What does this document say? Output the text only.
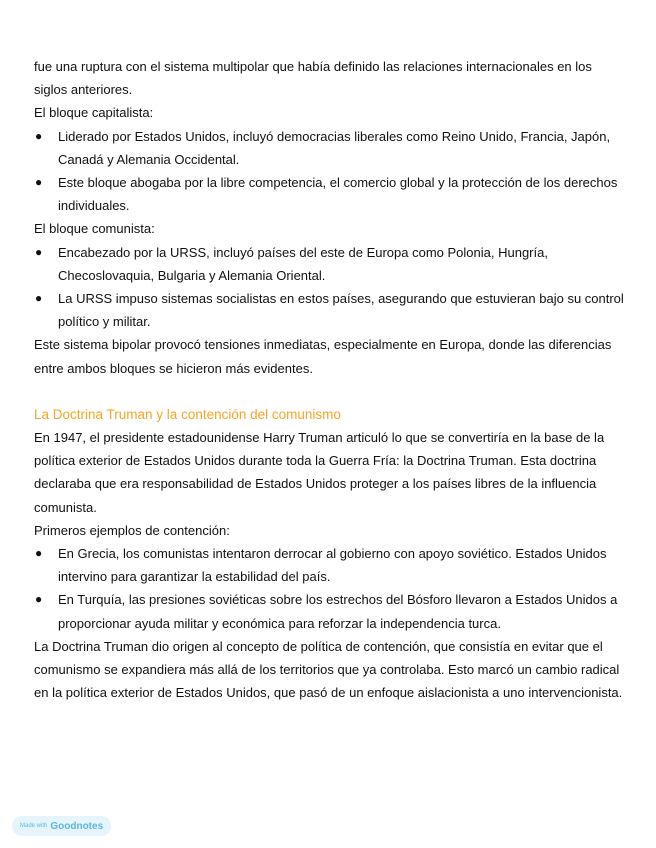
fue una ruptura con el sistema multipolar que había definido las relaciones internacionales en los siglos anteriores.

El bloque capitalista:

● Liderado por Estados Unidos, incluyó democracias liberales como Reino Unido, Francia, Japón, Canadá y Alemania Occidental.
● Este bloque abogaba por la libre competencia, el comercio global y la protección de los derechos individuales.

El bloque comunista:

● Encabezado por la URSS, incluyó países del este de Europa como Polonia, Hungría, Checoslovaquia, Bulgaria y Alemania Oriental.
● La URSS impuso sistemas socialistas en estos países, asegurando que estuvieran bajo su control político y militar.

Este sistema bipolar provocó tensiones inmediatas, especialmente en Europa, donde las diferencias entre ambos bloques se hicieron más evidentes.

La Doctrina Truman y la contención del comunismo

En 1947, el presidente estadounidense Harry Truman articuló lo que se convertiría en la base de la política exterior de Estados Unidos durante toda la Guerra Fría: la Doctrina Truman. Esta doctrina declaraba que era responsabilidad de Estados Unidos proteger a los países libres de la influencia comunista.

Primeros ejemplos de contención:

● En Grecia, los comunistas intentaron derrocar al gobierno con apoyo soviético. Estados Unidos intervino para garantizar la estabilidad del país.
● En Turquía, las presiones soviéticas sobre los estrechos del Bósforo llevaron a Estados Unidos a proporcionar ayuda militar y económica para reforzar la independencia turca.

La Doctrina Truman dio origen al concepto de política de contención, que consistía en evitar que el comunismo se expandiera más allá de los territorios que ya controlaba. Esto marcó un cambio radical en la política exterior de Estados Unidos, que pasó de un enfoque aislacionista a uno intervencionista.

Made with Goodnotes
